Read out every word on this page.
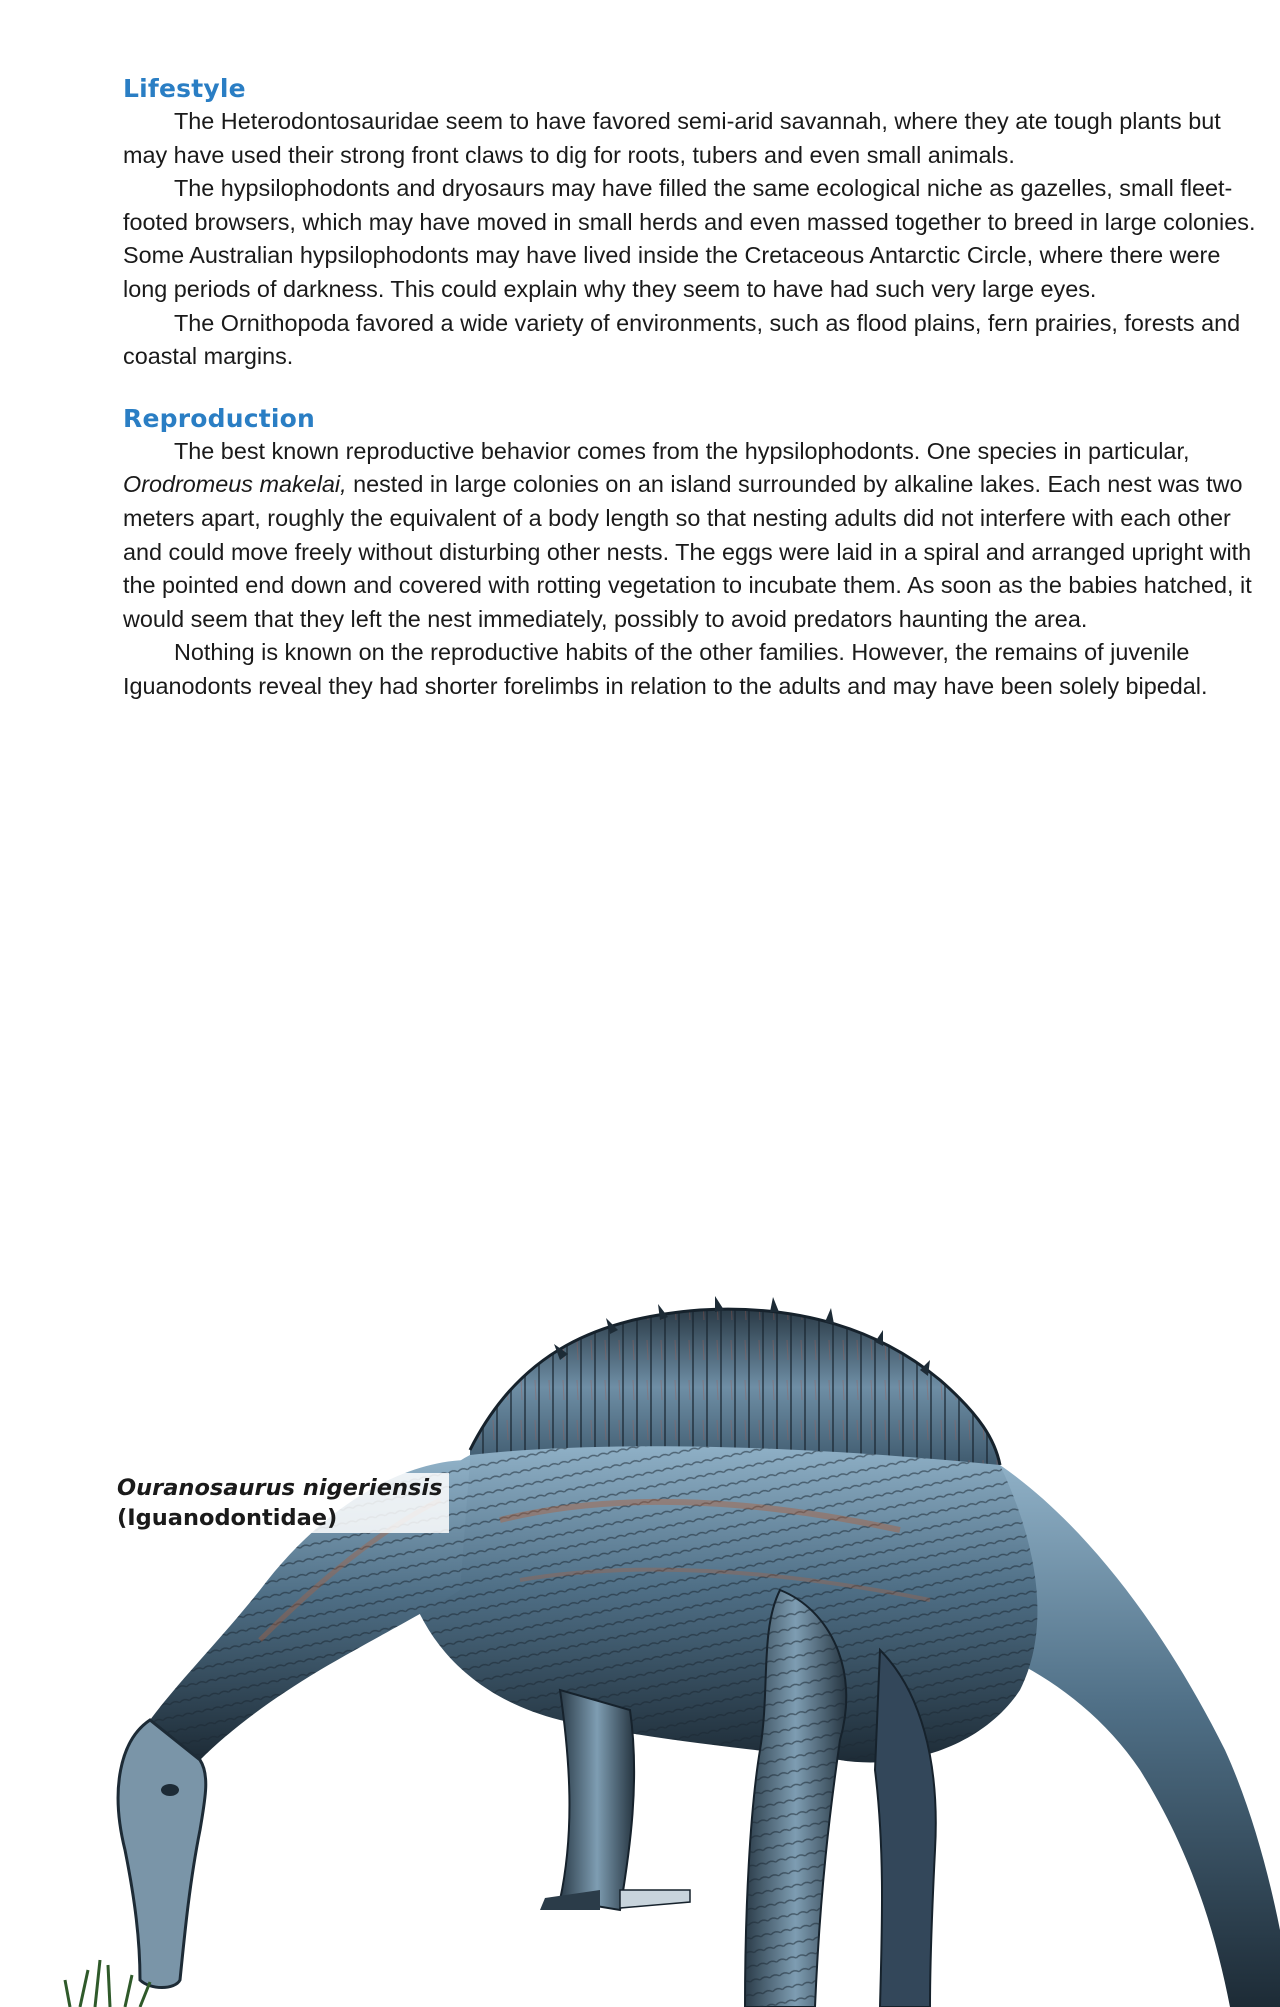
Lifestyle

The Heterodontosauridae seem to have favored semi-arid savannah, where they ate tough plants but may have used their strong front claws to dig for roots, tubers and even small animals.

The hypsilophodonts and dryosaurs may have filled the same ecological niche as gazelles, small fleet-footed browsers, which may have moved in small herds and even massed together to breed in large colonies. Some Australian hypsilophodonts may have lived inside the Cretaceous Antarctic Circle, where there were long periods of darkness. This could explain why they seem to have had such very large eyes.

The Ornithopoda favored a wide variety of environments, such as flood plains, fern prairies, forests and coastal margins.

Reproduction

The best known reproductive behavior comes from the hypsilophodonts. One species in particular, Orodromeus makelai, nested in large colonies on an island surrounded by alkaline lakes. Each nest was two meters apart, roughly the equivalent of a body length so that nesting adults did not interfere with each other and could move freely without disturbing other nests. The eggs were laid in a spiral and arranged upright with the pointed end down and covered with rotting vegetation to incubate them. As soon as the babies hatched, it would seem that they left the nest immediately, possibly to avoid predators haunting the area.

Nothing is known on the reproductive habits of the other families. However, the remains of juvenile Iguanodonts reveal they had shorter forelimbs in relation to the adults and may have been solely bipedal.

Ouranosaurus nigeriensis
(Iguanodontidae)
